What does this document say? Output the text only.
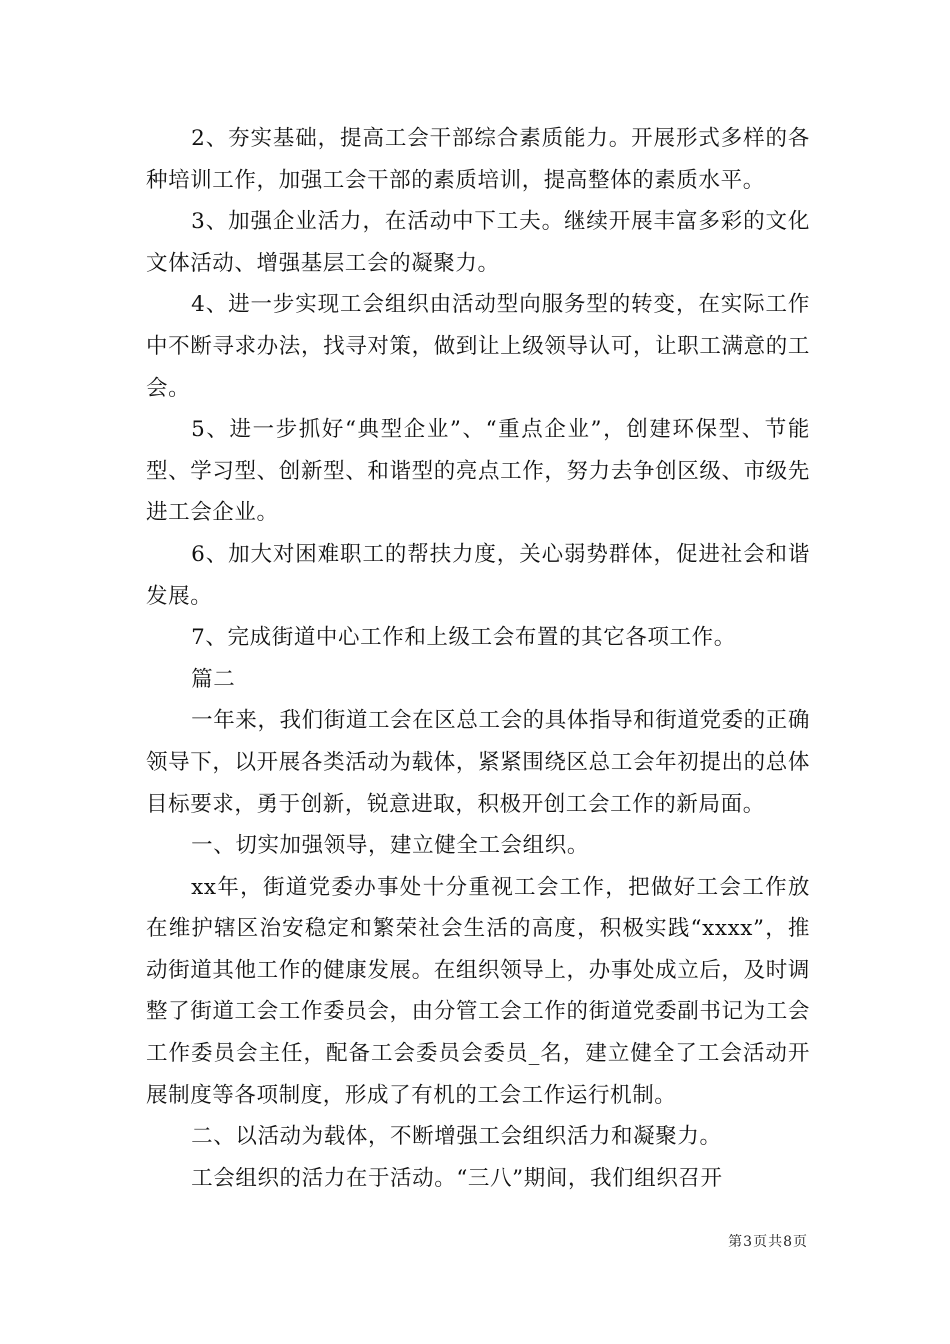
2、夯实基础，提高工会干部综合素质能力。开展形式多样的各种培训工作，加强工会干部的素质培训，提高整体的素质水平。

3、加强企业活力，在活动中下工夫。继续开展丰富多彩的文化文体活动、增强基层工会的凝聚力。

4、进一步实现工会组织由活动型向服务型的转变，在实际工作中不断寻求办法，找寻对策，做到让上级领导认可，让职工满意的工会。

5、进一步抓好“典型企业”、“重点企业”，创建环保型、节能型、学习型、创新型、和谐型的亮点工作，努力去争创区级、市级先进工会企业。

6、加大对困难职工的帮扶力度，关心弱势群体，促进社会和谐发展。

7、完成街道中心工作和上级工会布置的其它各项工作。

篇二

一年来，我们街道工会在区总工会的具体指导和街道党委的正确领导下，以开展各类活动为载体，紧紧围绕区总工会年初提出的总体目标要求，勇于创新，锐意进取，积极开创工会工作的新局面。

一、切实加强领导，建立健全工会组织。

xx年，街道党委办事处十分重视工会工作，把做好工会工作放在维护辖区治安稳定和繁荣社会生活的高度，积极实践“xxxx”，推动街道其他工作的健康发展。在组织领导上，办事处成立后，及时调整了街道工会工作委员会，由分管工会工作的街道党委副书记为工会工作委员会主任，配备工会委员会委员_名，建立健全了工会活动开展制度等各项制度，形成了有机的工会工作运行机制。

二、以活动为载体，不断增强工会组织活力和凝聚力。

工会组织的活力在于活动。“三八”期间，我们组织召开

第3页共8页
